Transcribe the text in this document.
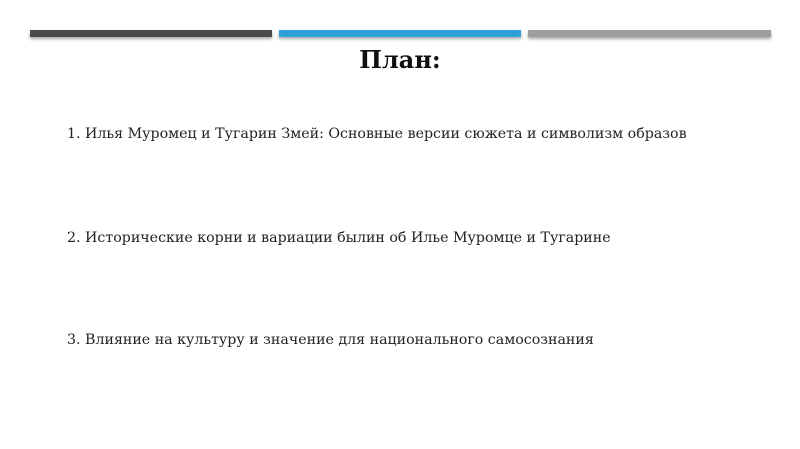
План:
1. Илья Муромец и Тугарин Змей: Основные версии сюжета и символизм образов
2. Исторические корни и вариации былин об Илье Муромце и Тугарине
3. Влияние на культуру и значение для национального самосознания
